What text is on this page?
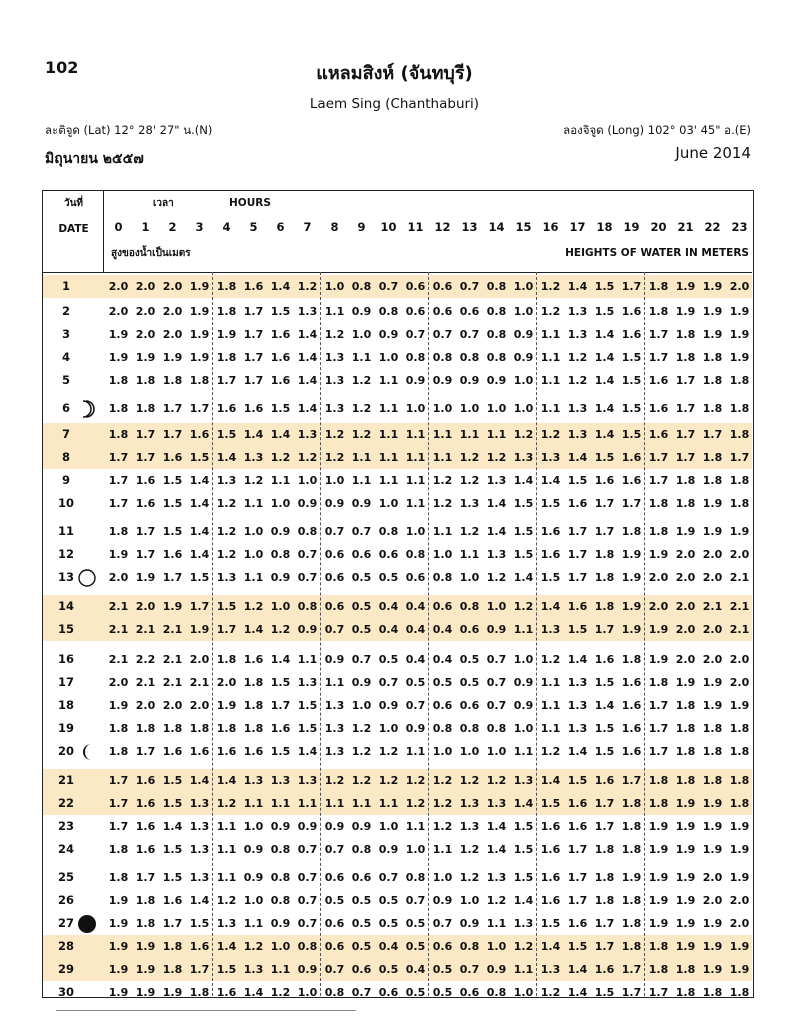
102	แหลมสิงห์ (จันทบุรี)
Laem Sing (Chanthaburi)
ละติจูด (Lat) 12° 28' 27" น.(N)	ลองจิจูด (Long) 102° 03' 45" อ.(E)
มิถุนายน ๒๕๕๗	June 2014
วันที่
DATE
เวลา	HOURS
สูงของน้ำเป็นเมตร	HEIGHTS OF WATER IN METERS
0	1	2	3	4	5	6	7	8	9	10 11 12 13 14 15 16 17 18 19 20 21 22 23
1	2.0 2.0 2.0 1.9 1.8 1.6 1.4 1.2 1.0 0.8 0.7 0.6 0.6 0.7 0.8 1.0 1.2 1.4 1.5 1.7 1.8 1.9 1.9 2.0
2	2.0 2.0 2.0 1.9 1.8 1.7 1.5 1.3 1.1 0.9 0.8 0.6 0.6 0.6 0.8 1.0 1.2 1.3 1.5 1.6 1.8 1.9 1.9 1.9
3	1.9 2.0 2.0 1.9 1.9 1.7 1.6 1.4 1.2 1.0 0.9 0.7 0.7 0.7 0.8 0.9 1.1 1.3 1.4 1.6 1.7 1.8 1.9 1.9
4	1.9 1.9 1.9 1.9 1.8 1.7 1.6 1.4 1.3 1.1 1.0 0.8 0.8 0.8 0.8 0.9 1.1 1.2 1.4 1.5 1.7 1.8 1.8 1.9
5	1.8 1.8 1.8 1.8 1.7 1.7 1.6 1.4 1.3 1.2 1.1 0.9 0.9 0.9 0.9 1.0 1.1 1.2 1.4 1.5 1.6 1.7 1.8 1.8
6	1.8 1.8 1.7 1.7 1.6 1.6 1.5 1.4 1.3 1.2 1.1 1.0 1.0 1.0 1.0 1.0 1.1 1.3 1.4 1.5 1.6 1.7 1.8 1.8
7	1.8 1.7 1.7 1.6 1.5 1.4 1.4 1.3 1.2 1.2 1.1 1.1 1.1 1.1 1.1 1.2 1.2 1.3 1.4 1.5 1.6 1.7 1.7 1.8
8	1.7 1.7 1.6 1.5 1.4 1.3 1.2 1.2 1.2 1.1 1.1 1.1 1.1 1.2 1.2 1.3 1.3 1.4 1.5 1.6 1.7 1.7 1.8 1.7
9	1.7 1.6 1.5 1.4 1.3 1.2 1.1 1.0 1.0 1.1 1.1 1.1 1.2 1.2 1.3 1.4 1.4 1.5 1.6 1.6 1.7 1.8 1.8 1.8
10	1.7 1.6 1.5 1.4 1.2 1.1 1.0 0.9 0.9 0.9 1.0 1.1 1.2 1.3 1.4 1.5 1.5 1.6 1.7 1.7 1.8 1.8 1.9 1.8
11	1.8 1.7 1.5 1.4 1.2 1.0 0.9 0.8 0.7 0.7 0.8 1.0 1.1 1.2 1.4 1.5 1.6 1.7 1.7 1.8 1.8 1.9 1.9 1.9
12	1.9 1.7 1.6 1.4 1.2 1.0 0.8 0.7 0.6 0.6 0.6 0.8 1.0 1.1 1.3 1.5 1.6 1.7 1.8 1.9 1.9 2.0 2.0 2.0
13	2.0 1.9 1.7 1.5 1.3 1.1 0.9 0.7 0.6 0.5 0.5 0.6 0.8 1.0 1.2 1.4 1.5 1.7 1.8 1.9 2.0 2.0 2.0 2.1
14	2.1 2.0 1.9 1.7 1.5 1.2 1.0 0.8 0.6 0.5 0.4 0.4 0.6 0.8 1.0 1.2 1.4 1.6 1.8 1.9 2.0 2.0 2.1 2.1
15	2.1 2.1 2.1 1.9 1.7 1.4 1.2 0.9 0.7 0.5 0.4 0.4 0.4 0.6 0.9 1.1 1.3 1.5 1.7 1.9 1.9 2.0 2.0 2.1
16	2.1 2.2 2.1 2.0 1.8 1.6 1.4 1.1 0.9 0.7 0.5 0.4 0.4 0.5 0.7 1.0 1.2 1.4 1.6 1.8 1.9 2.0 2.0 2.0
17	2.0 2.1 2.1 2.1 2.0 1.8 1.5 1.3 1.1 0.9 0.7 0.5 0.5 0.5 0.7 0.9 1.1 1.3 1.5 1.6 1.8 1.9 1.9 2.0
18	1.9 2.0 2.0 2.0 1.9 1.8 1.7 1.5 1.3 1.0 0.9 0.7 0.6 0.6 0.7 0.9 1.1 1.3 1.4 1.6 1.7 1.8 1.9 1.9
19	1.8 1.8 1.8 1.8 1.8 1.8 1.6 1.5 1.3 1.2 1.0 0.9 0.8 0.8 0.8 1.0 1.1 1.3 1.5 1.6 1.7 1.8 1.8 1.8
20	1.8 1.7 1.6 1.6 1.6 1.6 1.5 1.4 1.3 1.2 1.2 1.1 1.0 1.0 1.0 1.1 1.2 1.4 1.5 1.6 1.7 1.8 1.8 1.8
21	1.7 1.6 1.5 1.4 1.4 1.3 1.3 1.3 1.2 1.2 1.2 1.2 1.2 1.2 1.2 1.3 1.4 1.5 1.6 1.7 1.8 1.8 1.8 1.8
22	1.7 1.6 1.5 1.3 1.2 1.1 1.1 1.1 1.1 1.1 1.1 1.2 1.2 1.3 1.3 1.4 1.5 1.6 1.7 1.8 1.8 1.9 1.9 1.8
23	1.7 1.6 1.4 1.3 1.1 1.0 0.9 0.9 0.9 0.9 1.0 1.1 1.2 1.3 1.4 1.5 1.6 1.6 1.7 1.8 1.9 1.9 1.9 1.9
24	1.8 1.6 1.5 1.3 1.1 0.9 0.8 0.7 0.7 0.8 0.9 1.0 1.1 1.2 1.4 1.5 1.6 1.7 1.8 1.8 1.9 1.9 1.9 1.9
25	1.8 1.7 1.5 1.3 1.1 0.9 0.8 0.7 0.6 0.6 0.7 0.8 1.0 1.2 1.3 1.5 1.6 1.7 1.8 1.9 1.9 1.9 2.0 1.9
26	1.9 1.8 1.6 1.4 1.2 1.0 0.8 0.7 0.5 0.5 0.5 0.7 0.9 1.0 1.2 1.4 1.6 1.7 1.8 1.8 1.9 1.9 2.0 2.0
27	1.9 1.8 1.7 1.5 1.3 1.1 0.9 0.7 0.6 0.5 0.5 0.5 0.7 0.9 1.1 1.3 1.5 1.6 1.7 1.8 1.9 1.9 1.9 2.0
28	1.9 1.9 1.8 1.6 1.4 1.2 1.0 0.8 0.6 0.5 0.4 0.5 0.6 0.8 1.0 1.2 1.4 1.5 1.7 1.8 1.8 1.9 1.9 1.9
29	1.9 1.9 1.8 1.7 1.5 1.3 1.1 0.9 0.7 0.6 0.5 0.4 0.5 0.7 0.9 1.1 1.3 1.4 1.6 1.7 1.8 1.8 1.9 1.9
30	1.9 1.9 1.9 1.8 1.6 1.4 1.2 1.0 0.8 0.7 0.6 0.5 0.5 0.6 0.8 1.0 1.2 1.4 1.5 1.7 1.7 1.8 1.8 1.8
